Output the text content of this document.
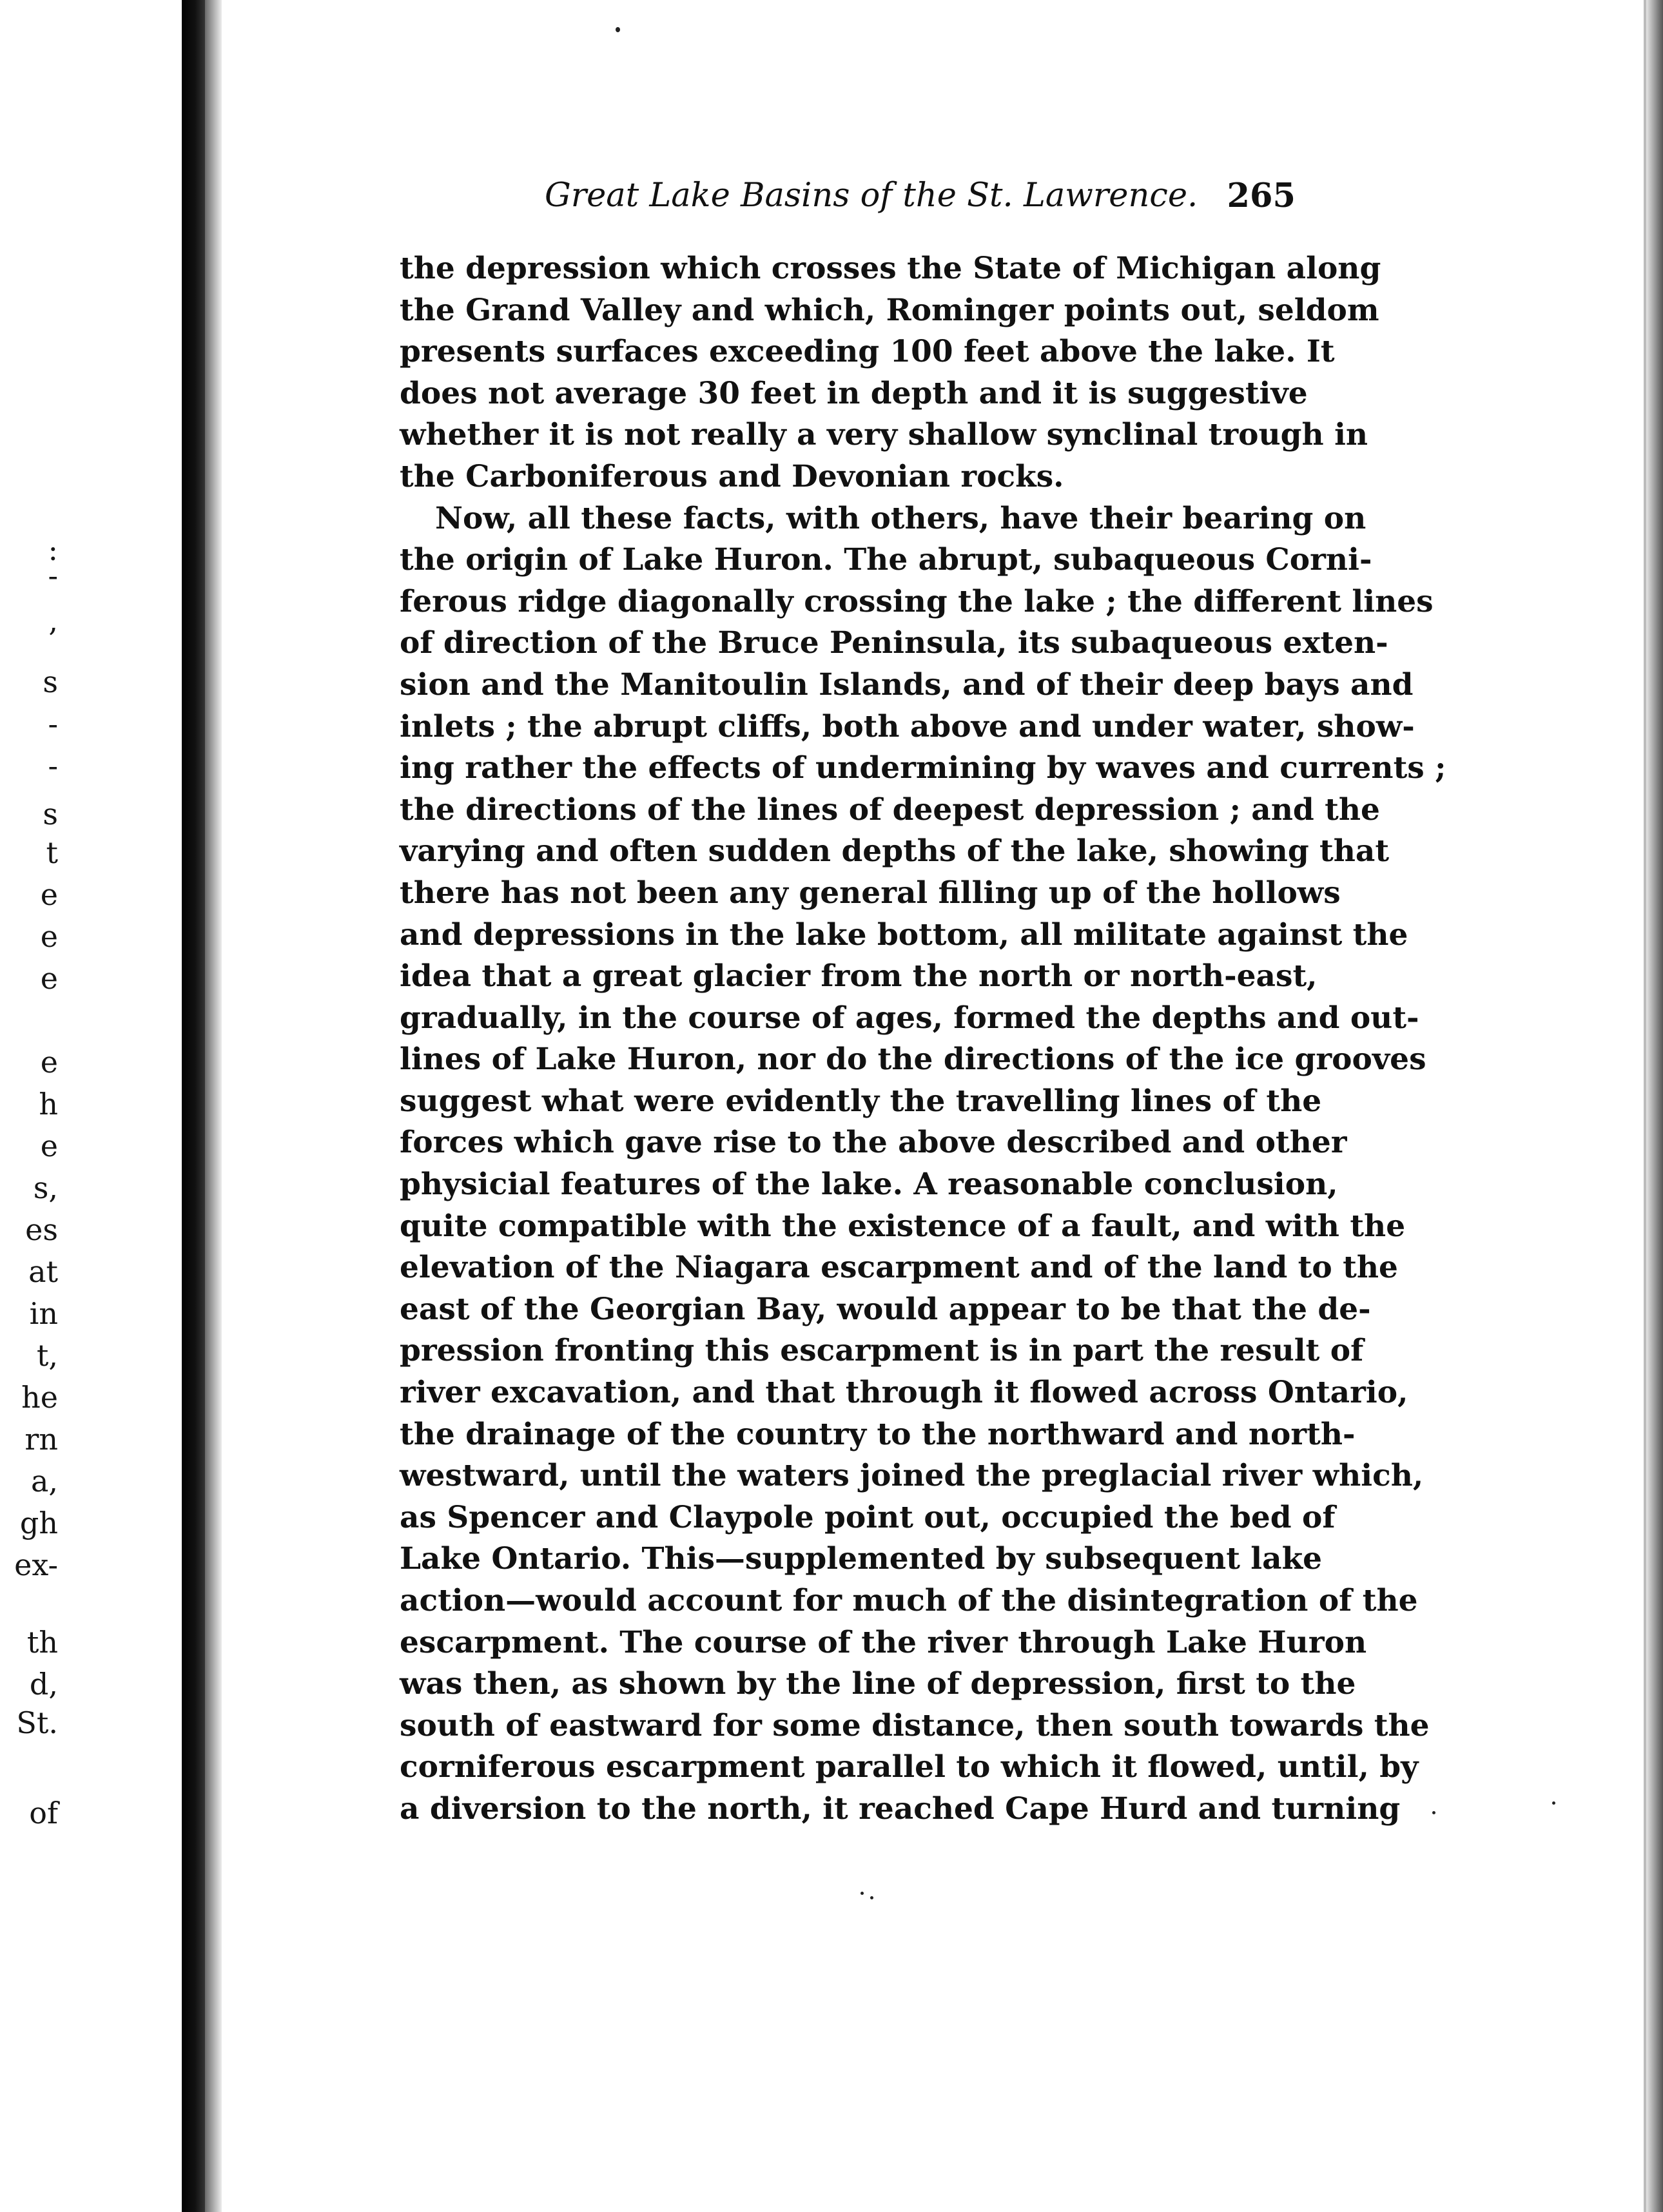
:
-
,
s
-
-
s
t
e
e
e
e
h
e
s,
es
at
in
t,
he
rn
a,
gh
ex-
th
d,
St.
of
Great Lake Basins of the St. Lawrence. 265
the depression which crosses the State of Michigan along
the Grand Valley and which, Rominger points out, seldom
presents surfaces exceeding 100 feet above the lake. It
does not average 30 feet in depth and it is suggestive
whether it is not really a very shallow synclinal trough in
the Carboniferous and Devonian rocks.
Now, all these facts, with others, have their bearing on
the origin of Lake Huron. The abrupt, subaqueous Corni-
ferous ridge diagonally crossing the lake ; the different lines
of direction of the Bruce Peninsula, its subaqueous exten-
sion and the Manitoulin Islands, and of their deep bays and
inlets ; the abrupt cliffs, both above and under water, show-
ing rather the effects of undermining by waves and currents ;
the directions of the lines of deepest depression ; and the
varying and often sudden depths of the lake, showing that
there has not been any general filling up of the hollows
and depressions in the lake bottom, all militate against the
idea that a great glacier from the north or north-east,
gradually, in the course of ages, formed the depths and out-
lines of Lake Huron, nor do the directions of the ice grooves
suggest what were evidently the travelling lines of the
forces which gave rise to the above described and other
physicial features of the lake. A reasonable conclusion,
quite compatible with the existence of a fault, and with the
elevation of the Niagara escarpment and of the land to the
east of the Georgian Bay, would appear to be that the de-
pression fronting this escarpment is in part the result of
river excavation, and that through it flowed across Ontario,
the drainage of the country to the northward and north-
westward, until the waters joined the preglacial river which,
as Spencer and Claypole point out, occupied the bed of
Lake Ontario. This—supplemented by subsequent lake
action—would account for much of the disintegration of the
escarpment. The course of the river through Lake Huron
was then, as shown by the line of depression, first to the
south of eastward for some distance, then south towards the
corniferous escarpment parallel to which it flowed, until, by
a diversion to the north, it reached Cape Hurd and turning
